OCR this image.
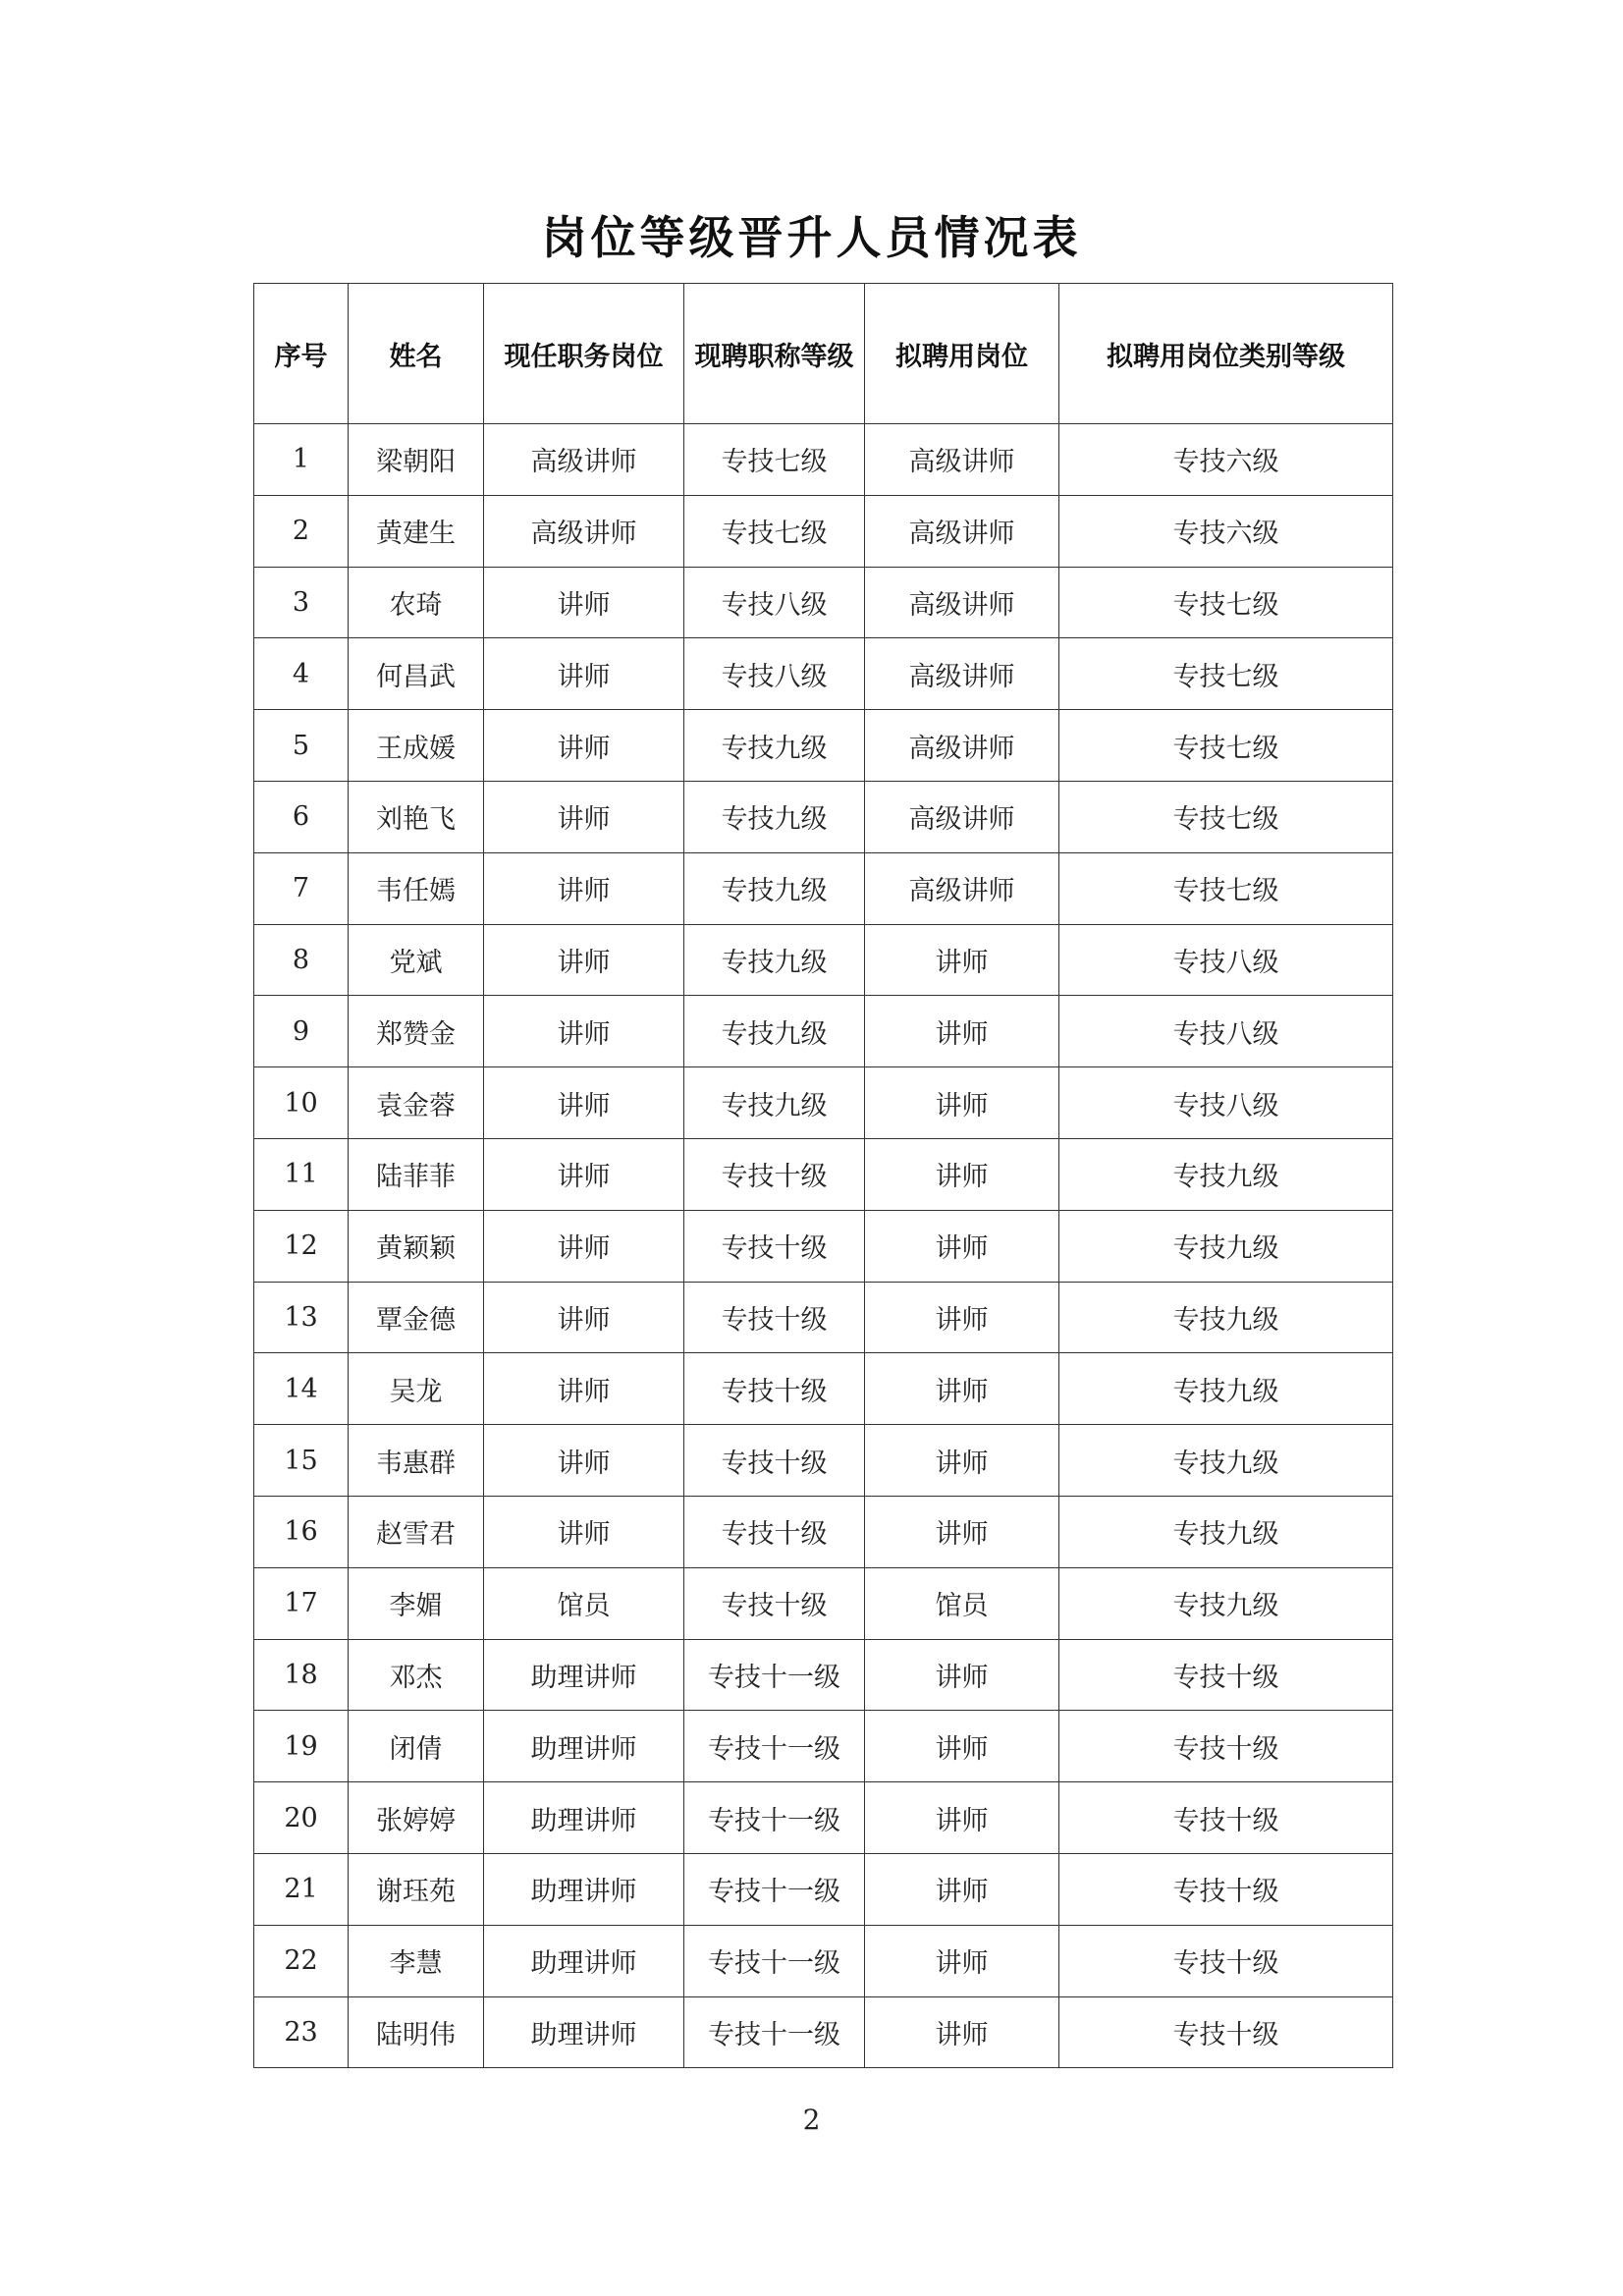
岗位等级晋升人员情况表
序号	姓名	现任职务岗位	现聘职称等级	拟聘用岗位	拟聘用岗位类别等级
1	梁朝阳	高级讲师	专技七级	高级讲师	专技六级
2	黄建生	高级讲师	专技七级	高级讲师	专技六级
3	农琦	讲师	专技八级	高级讲师	专技七级
4	何昌武	讲师	专技八级	高级讲师	专技七级
5	王成媛	讲师	专技九级	高级讲师	专技七级
6	刘艳飞	讲师	专技九级	高级讲师	专技七级
7	韦任嫣	讲师	专技九级	高级讲师	专技七级
8	党斌	讲师	专技九级	讲师	专技八级
9	郑赞金	讲师	专技九级	讲师	专技八级
10	袁金蓉	讲师	专技九级	讲师	专技八级
11	陆菲菲	讲师	专技十级	讲师	专技九级
12	黄颖颖	讲师	专技十级	讲师	专技九级
13	覃金德	讲师	专技十级	讲师	专技九级
14	吴龙	讲师	专技十级	讲师	专技九级
15	韦惠群	讲师	专技十级	讲师	专技九级
16	赵雪君	讲师	专技十级	讲师	专技九级
17	李媚	馆员	专技十级	馆员	专技九级
18	邓杰	助理讲师	专技十一级	讲师	专技十级
19	闭倩	助理讲师	专技十一级	讲师	专技十级
20	张婷婷	助理讲师	专技十一级	讲师	专技十级
21	谢珏苑	助理讲师	专技十一级	讲师	专技十级
22	李慧	助理讲师	专技十一级	讲师	专技十级
23	陆明伟	助理讲师	专技十一级	讲师	专技十级
2
